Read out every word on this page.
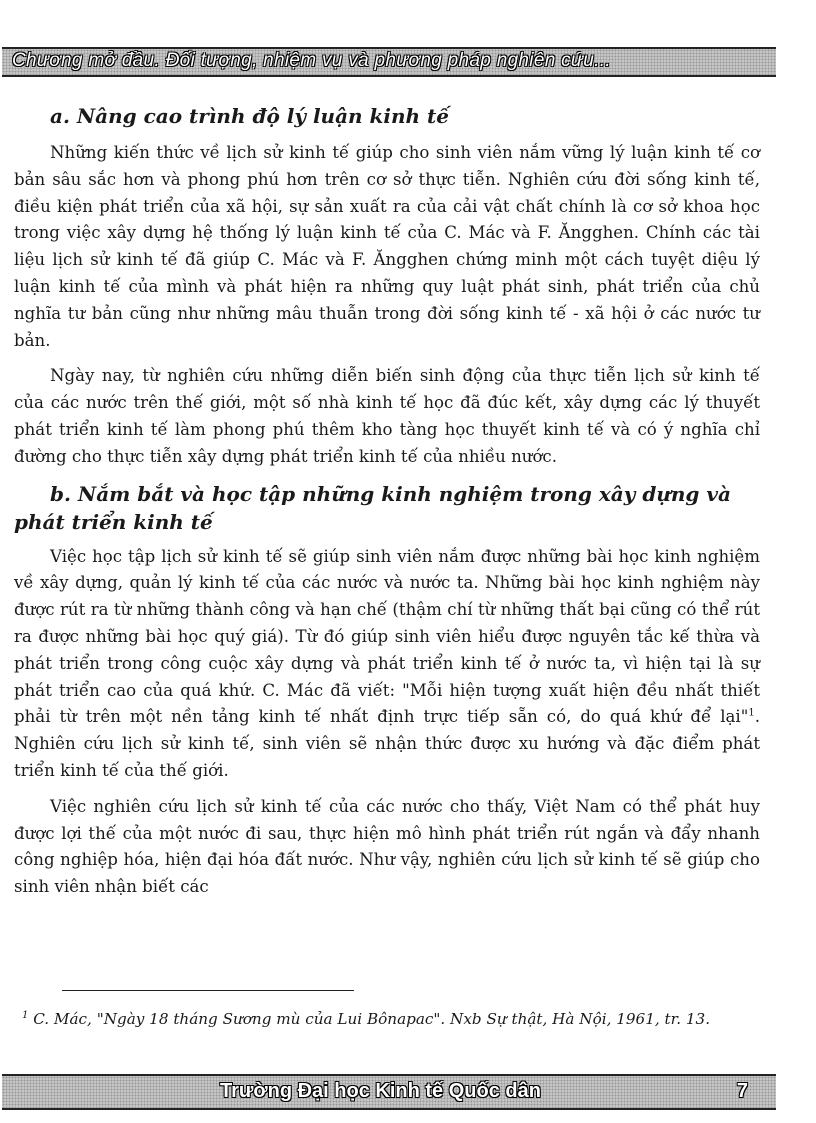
Chương mở đầu. Đối tượng, nhiệm vụ và phương pháp nghiên cứu...
a. Nâng cao trình độ lý luận kinh tế

Những kiến thức về lịch sử kinh tế giúp cho sinh viên nắm vững lý luận kinh tế cơ bản sâu sắc hơn và phong phú hơn trên cơ sở thực tiễn. Nghiên cứu đời sống kinh tế, điều kiện phát triển của xã hội, sự sản xuất ra của cải vật chất chính là cơ sở khoa học trong việc xây dựng hệ thống lý luận kinh tế của C. Mác và F. Ăngghen. Chính các tài liệu lịch sử kinh tế đã giúp C. Mác và F. Ăngghen chứng minh một cách tuyệt diệu lý luận kinh tế của mình và phát hiện ra những quy luật phát sinh, phát triển của chủ nghĩa tư bản cũng như những mâu thuẫn trong đời sống kinh tế - xã hội ở các nước tư bản.

Ngày nay, từ nghiên cứu những diễn biến sinh động của thực tiễn lịch sử kinh tế của các nước trên thế giới, một số nhà kinh tế học đã đúc kết, xây dựng các lý thuyết phát triển kinh tế làm phong phú thêm kho tàng học thuyết kinh tế và có ý nghĩa chỉ đường cho thực tiễn xây dựng phát triển kinh tế của nhiều nước.

b. Nắm bắt và học tập những kinh nghiệm trong xây dựng và phát triển kinh tế

Việc học tập lịch sử kinh tế sẽ giúp sinh viên nắm được những bài học kinh nghiệm về xây dựng, quản lý kinh tế của các nước và nước ta. Những bài học kinh nghiệm này được rút ra từ những thành công và hạn chế (thậm chí từ những thất bại cũng có thể rút ra được những bài học quý giá). Từ đó giúp sinh viên hiểu được nguyên tắc kế thừa và phát triển trong công cuộc xây dựng và phát triển kinh tế ở nước ta, vì hiện tại là sự phát triển cao của quá khứ. C. Mác đã viết: "Mỗi hiện tượng xuất hiện đều nhất thiết phải từ trên một nền tảng kinh tế nhất định trực tiếp sẵn có, do quá khứ để lại"$^1$. Nghiên cứu lịch sử kinh tế, sinh viên sẽ nhận thức được xu hướng và đặc điểm phát triển kinh tế của thế giới.

Việc nghiên cứu lịch sử kinh tế của các nước cho thấy, Việt Nam có thể phát huy được lợi thế của một nước đi sau, thực hiện mô hình phát triển rút ngắn và đẩy nhanh công nghiệp hóa, hiện đại hóa đất nước. Như vậy, nghiên cứu lịch sử kinh tế sẽ giúp cho sinh viên nhận biết các

$^1$ C. Mác, "Ngày 18 tháng Sương mù của Lui Bônapac". Nxb Sự thật, Hà Nội, 1961, tr. 13.
Trường Đại học Kinh tế Quốc dân	7
